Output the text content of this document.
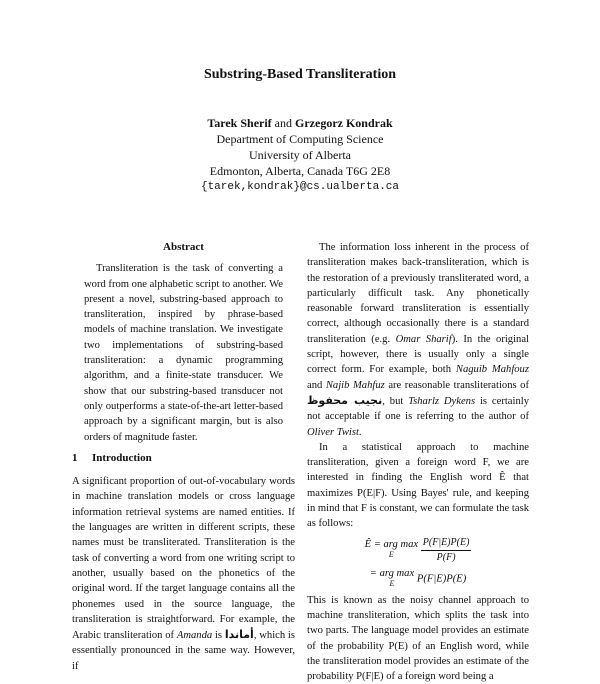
Substring-Based Transliteration
Tarek Sherif and Grzegorz Kondrak
Department of Computing Science
University of Alberta
Edmonton, Alberta, Canada T6G 2E8
{tarek,kondrak}@cs.ualberta.ca
Abstract

Transliteration is the task of converting a word from one alphabetic script to another. We present a novel, substring-based approach to transliteration, inspired by phrase-based models of machine translation. We investigate two implementations of substring-based transliteration: a dynamic programming algorithm, and a finite-state transducer. We show that our substring-based transducer not only outperforms a state-of-the-art letter-based approach by a significant margin, but is also orders of magnitude faster.

1 Introduction

A significant proportion of out-of-vocabulary words in machine translation models or cross language information retrieval systems are named entities. If the languages are written in different scripts, these names must be transliterated. Transliteration is the task of converting a word from one writing script to another, usually based on the phonetics of the original word. If the target language contains all the phonemes used in the source language, the transliteration is straightforward. For example, the Arabic transliteration of Amanda is أماندا, which is essentially pronounced in the same way. However, if

The information loss inherent in the process of transliteration makes back-transliteration, which is the restoration of a previously transliterated word, a particularly difficult task. Any phonetically reasonable forward transliteration is essentially correct, although occasionally there is a standard transliteration (e.g. Omar Sharif). In the original script, however, there is usually only a single correct form. For example, both Naguib Mahfouz and Najib Mahfuz are reasonable transliterations of نجيب محفوظ, but Tsharlz Dykens is certainly not acceptable if one is referring to the author of Oliver Twist.

In a statistical approach to machine transliteration, given a foreign word F, we are interested in finding the English word Ê that maximizes P(E|F). Using Bayes' rule, and keeping in mind that F is constant, we can formulate the task as follows:

Ê = arg max
E
	$\frac{P(F|E)P(E)}{P(F)}$
= arg max
E	P(F|E)P(E)

This is known as the noisy channel approach to machine transliteration, which splits the task into two parts. The language model provides an estimate of the probability P(E) of an English word, while the transliteration model provides an estimate of the probability P(F|E) of a foreign word being a
